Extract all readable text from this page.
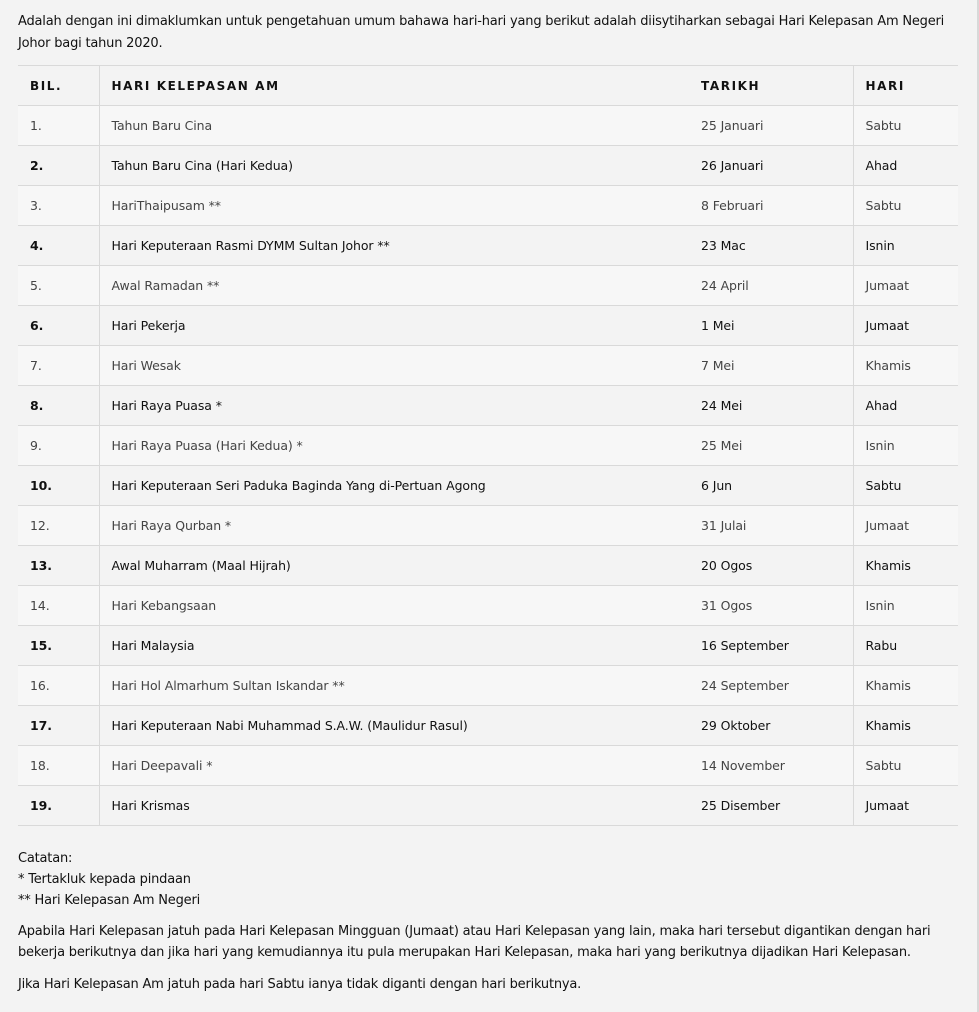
Adalah dengan ini dimaklumkan untuk pengetahuan umum bahawa hari-hari yang berikut adalah diisytiharkan sebagai Hari Kelepasan Am Negeri Johor bagi tahun 2020.

BIL.	HARI KELEPASAN AM	TARIKH	HARI
1.	Tahun Baru Cina	25 Januari	Sabtu
2.	Tahun Baru Cina (Hari Kedua)	26 Januari	Ahad
3.	HariThaipusam **	8 Februari	Sabtu
4.	Hari Keputeraan Rasmi DYMM Sultan Johor **	23 Mac	Isnin
5.	Awal Ramadan **	24 April	Jumaat
6.	Hari Pekerja	1 Mei	Jumaat
7.	Hari Wesak	7 Mei	Khamis
8.	Hari Raya Puasa *	24 Mei	Ahad
9.	Hari Raya Puasa (Hari Kedua) *	25 Mei	Isnin
10.	Hari Keputeraan Seri Paduka Baginda Yang di-Pertuan Agong	6 Jun	Sabtu
12.	Hari Raya Qurban *	31 Julai	Jumaat
13.	Awal Muharram (Maal Hijrah)	20 Ogos	Khamis
14.	Hari Kebangsaan	31 Ogos	Isnin
15.	Hari Malaysia	16 September	Rabu
16.	Hari Hol Almarhum Sultan Iskandar **	24 September	Khamis
17.	Hari Keputeraan Nabi Muhammad S.A.W. (Maulidur Rasul)	29 Oktober	Khamis
18.	Hari Deepavali *	14 November	Sabtu
19.	Hari Krismas	25 Disember	Jumaat

Catatan:

* Tertakluk kepada pindaan

** Hari Kelepasan Am Negeri

Apabila Hari Kelepasan jatuh pada Hari Kelepasan Mingguan (Jumaat) atau Hari Kelepasan yang lain, maka hari tersebut digantikan dengan hari bekerja berikutnya dan jika hari yang kemudiannya itu pula merupakan Hari Kelepasan, maka hari yang berikutnya dijadikan Hari Kelepasan.

Jika Hari Kelepasan Am jatuh pada hari Sabtu ianya tidak diganti dengan hari berikutnya.
